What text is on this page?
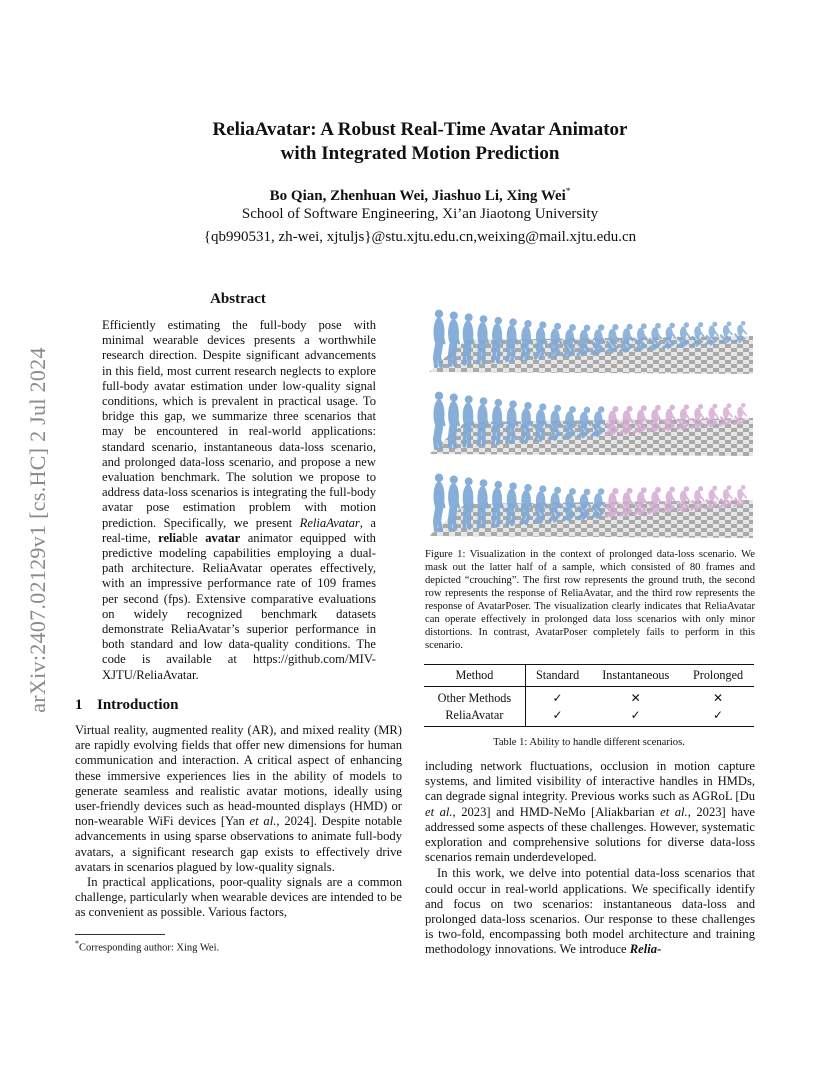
arXiv:2407.02129v1 [cs.HC] 2 Jul 2024
ReliaAvatar: A Robust Real-Time Avatar Animator
with Integrated Motion Prediction
Bo Qian, Zhenhuan Wei, Jiashuo Li, Xing Wei*
School of Software Engineering, Xi’an Jiaotong University
{qb990531, zh-wei, xjtuljs}@stu.xjtu.edu.cn,weixing@mail.xjtu.edu.cn
Abstract
Efficiently estimating the full-body pose with minimal wearable devices presents a worthwhile research direction. Despite significant advancements in this field, most current research neglects to explore full-body avatar estimation under low-quality signal conditions, which is prevalent in practical usage. To bridge this gap, we summarize three scenarios that may be encountered in real-world applications: standard scenario, instantaneous data-loss scenario, and prolonged data-loss scenario, and propose a new evaluation benchmark. The solution we propose to address data-loss scenarios is integrating the full-body avatar pose estimation problem with motion prediction. Specifically, we present ReliaAvatar, a real-time, reliable avatar animator equipped with predictive modeling capabilities employing a dual-path architecture. ReliaAvatar operates effectively, with an impressive performance rate of 109 frames per second (fps). Extensive comparative evaluations on widely recognized benchmark datasets demonstrate ReliaAvatar’s superior performance in both standard and low data-quality conditions. The code is available at https://github.com/MIV-XJTU/ReliaAvatar.
1 Introduction

Virtual reality, augmented reality (AR), and mixed reality (MR) are rapidly evolving fields that offer new dimensions for human communication and interaction. A critical aspect of enhancing these immersive experiences lies in the ability of models to generate seamless and realistic avatar motions, ideally using user-friendly devices such as head-mounted displays (HMD) or non-wearable WiFi devices [Yan et al., 2024]. Despite notable advancements in using sparse observations to animate full-body avatars, a significant research gap exists to effectively drive avatars in scenarios plagued by low-quality signals.

In practical applications, poor-quality signals are a common challenge, particularly when wearable devices are intended to be as convenient as possible. Various factors,

*Corresponding author: Xing Wei.
Figure 1: Visualization in the context of prolonged data-loss scenario. We mask out the latter half of a sample, which consisted of 80 frames and depicted “crouching”. The first row represents the ground truth, the second row represents the response of ReliaAvatar, and the third row represents the response of AvatarPoser. The visualization clearly indicates that ReliaAvatar can operate effectively in prolonged data loss scenarios with only minor distortions. In contrast, AvatarPoser completely fails to perform in this scenario.
Method	Standard	Instantaneous	Prolonged
Other Methods	✓	✕	✕
ReliaAvatar	✓	✓	✓
Table 1: Ability to handle different scenarios.

including network fluctuations, occlusion in motion capture systems, and limited visibility of interactive handles in HMDs, can degrade signal integrity. Previous works such as AGRoL [Du et al., 2023] and HMD-NeMo [Aliakbarian et al., 2023] have addressed some aspects of these challenges. However, systematic exploration and comprehensive solutions for diverse data-loss scenarios remain underdeveloped.

In this work, we delve into potential data-loss scenarios that could occur in real-world applications. We specifically identify and focus on two scenarios: instantaneous data-loss and prolonged data-loss scenarios. Our response to these challenges is two-fold, encompassing both model architecture and training methodology innovations. We introduce Relia-
